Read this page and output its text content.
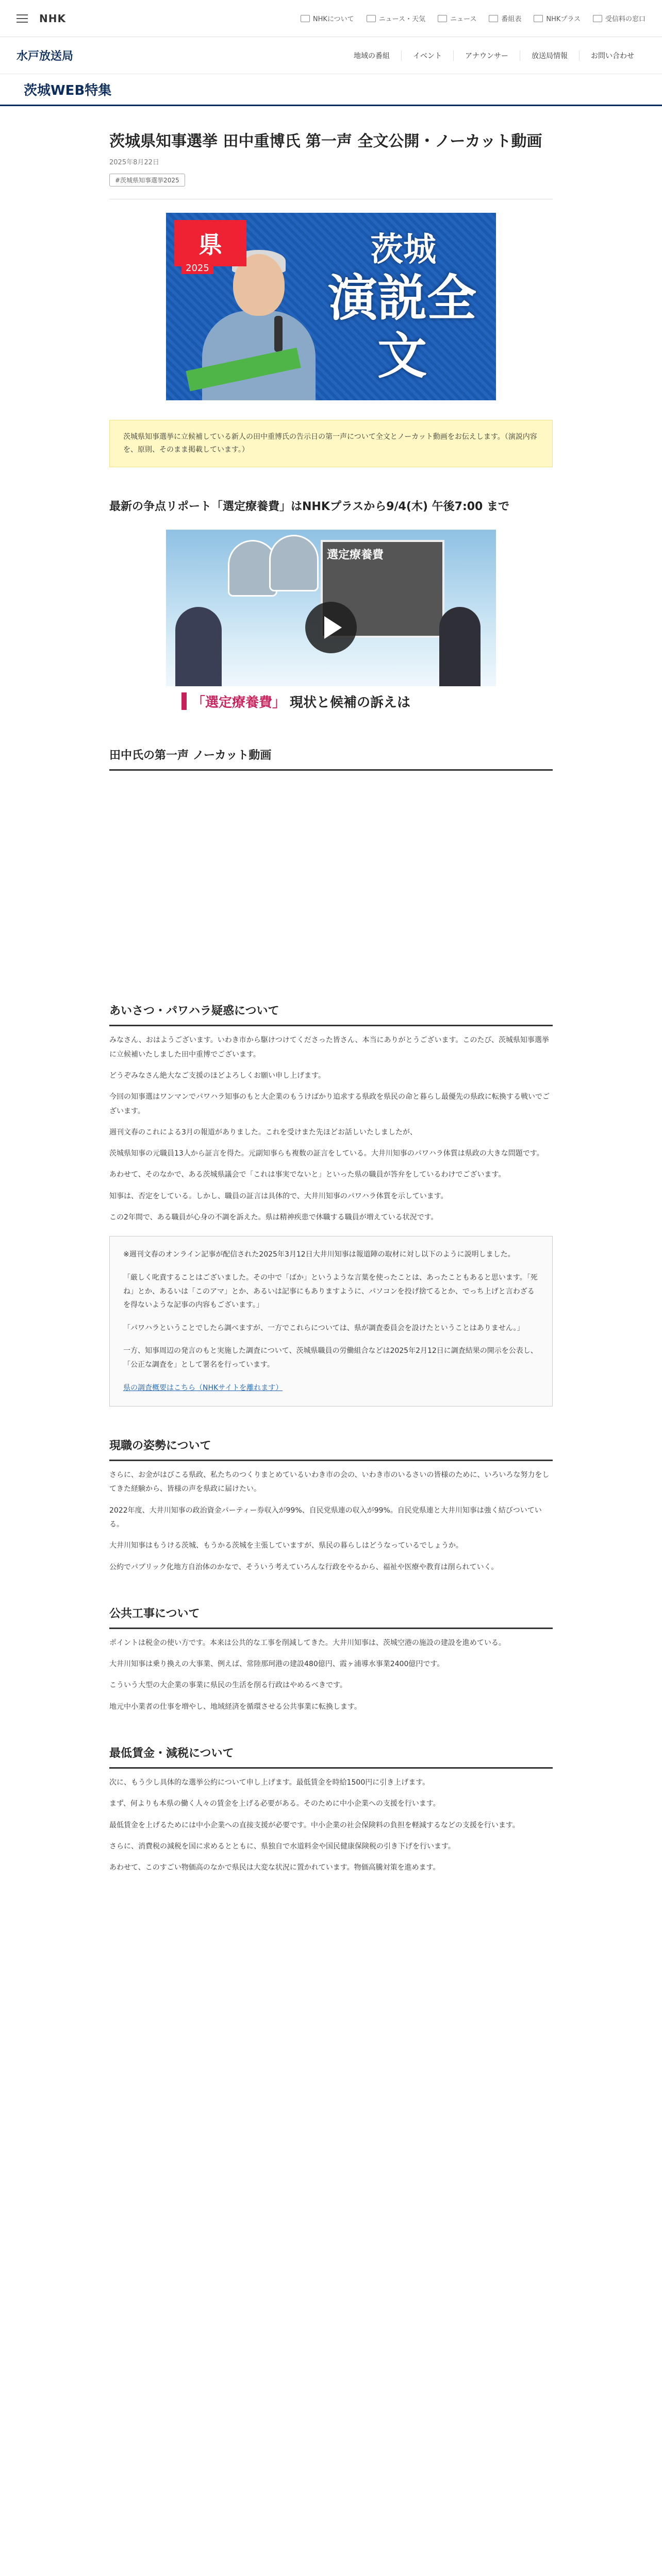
NHK	NHKについて	ニュース・天気	ニュース	番組表	NHKプラス	受信料の窓口
水戸放送局	地域の番組	イベント	アナウンサー	放送局情報	お問い合わせ
茨城WEB特集
茨城県知事選挙 田中重博氏 第一声 全文公開・ノーカット動画
2025年8月22日
#茨城県知事選挙2025
県
2025	茨城
演説全文
茨城県知事選挙に立候補している新人の田中重博氏の告示日の第一声について全文とノーカット動画をお伝えします。（演説内容を、原則、そのまま掲載しています。）
最新の争点リポート「選定療養費」はNHKプラスから9/4(木) 午後7:00 まで
選定療養費
「選定療養費」 現状と候補の訴えは
田中氏の第一声 ノーカット動画
あいさつ・パワハラ疑惑について

みなさん、おはようございます。いわき市から駆けつけてくださった皆さん、本当にありがとうございます。このたび、茨城県知事選挙に立候補いたしました田中重博でございます。

どうぞみなさん絶大なご支援のほどよろしくお願い申し上げます。

今回の知事選はワンマンでパワハラ知事のもと大企業のもうけばかり追求する県政を県民の命と暮らし最優先の県政に転換する戦いでございます。

週刊文春のこれによる3月の報道がありました。これを受けまた先ほどお話しいたしましたが、

茨城県知事の元職員13人から証言を得た。元副知事らも複数の証言をしている。大井川知事のパワハラ体質は県政の大きな問題です。

あわせて、そのなかで、ある茨城県議会で「これは事実でないと」といった県の職員が答弁をしているわけでございます。

知事は、否定をしている。しかし、職員の証言は具体的で、大井川知事のパワハラ体質を示しています。

この2年間で、ある職員が心身の不調を訴えた。県は精神疾患で休職する職員が増えている状況です。

※週刊文春のオンライン記事が配信された2025年3月12日大井川知事は報道陣の取材に対し以下のように説明しました。

「厳しく叱責することはございました。その中で「ばか」というような言葉を使ったことは、あったこともあると思います。「死ね」とか、あるいは「このアマ」とか、あるいは記事にもありますように、パソコンを投げ捨てるとか、でっち上げと言わざるを得ないような記事の内容もございます。」

「パワハラということでしたら調べますが、一方でこれらについては、県が調査委員会を設けたということはありません。」

一方、知事周辺の発言のもと実施した調査について、茨城県職員の労働組合などは2025年2月12日に調査結果の開示を公表し、「公正な調査を」として署名を行っています。

県の調査概要はこちら（NHKサイトを離れます）

現職の姿勢について

さらに、お金がはびこる県政、私たちのつくりまとめているいわき市の会の、いわき市のいるさいの皆様のために、いろいろな努力をしてきた経験から、皆様の声を県政に届けたい。

2022年度、大井川知事の政治資金パーティー券収入が99%、自民党県連の収入が99%。自民党県連と大井川知事は強く結びついている。

大井川知事はもうける茨城、もうかる茨城を主張していますが、県民の暮らしはどうなっているでしょうか。

公約でパブリック化地方自治体のかなで、そういう考えていろんな行政をやるから、福祉や医療や教育は削られていく。

公共工事について

ポイントは税金の使い方です。本来は公共的な工事を削減してきた。大井川知事は、茨城空港の施設の建設を進めている。

大井川知事は乗り換えの大事業、例えば、常陸那珂港の建設480億円、霞ヶ浦導水事業2400億円です。

こういう大型の大企業の事業に県民の生活を削る行政はやめるべきです。

地元中小業者の仕事を増やし、地域経済を循環させる公共事業に転換します。

最低賃金・減税について

次に、もう少し具体的な選挙公約について申し上げます。最低賃金を時給1500円に引き上げます。

まず、何よりも本県の働く人々の賃金を上げる必要がある。そのために中小企業への支援を行います。

最低賃金を上げるためには中小企業への直接支援が必要です。中小企業の社会保険料の負担を軽減するなどの支援を行います。

さらに、消費税の減税を国に求めるとともに、県独自で水道料金や国民健康保険税の引き下げを行います。

あわせて、このすごい物価高のなかで県民は大変な状況に置かれています。物価高騰対策を進めます。
